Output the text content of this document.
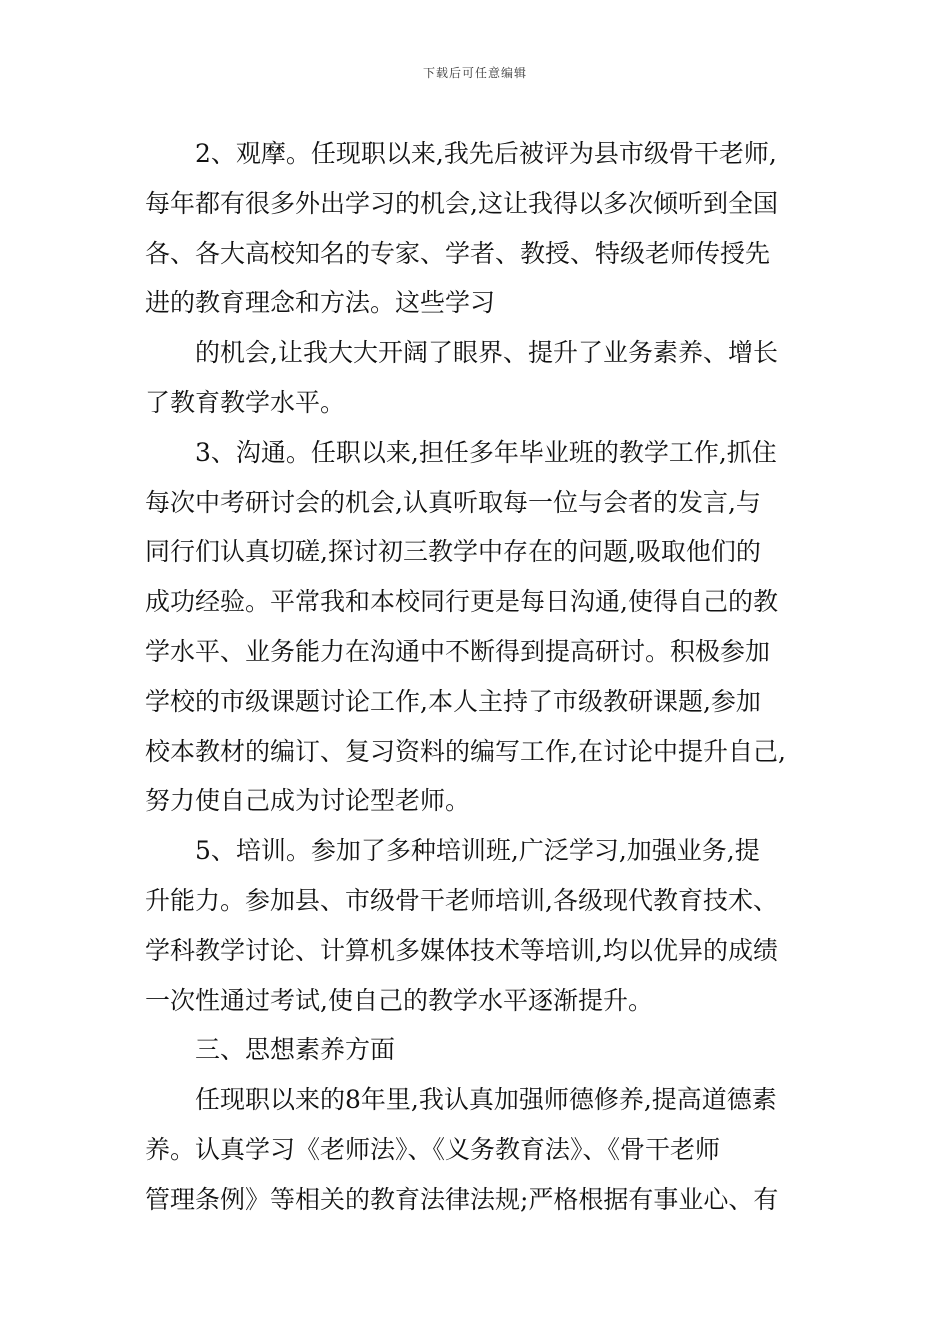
下载后可任意编辑
2、观摩。任现职以来,我先后被评为县市级骨干老师,
每年都有很多外出学习的机会,这让我得以多次倾听到全国
各、各大高校知名的专家、学者、教授、特级老师传授先
进的教育理念和方法。这些学习
的机会,让我大大开阔了眼界、提升了业务素养、增长
了教育教学水平。
3、沟通。任职以来,担任多年毕业班的教学工作,抓住
每次中考研讨会的机会,认真听取每一位与会者的发言,与
同行们认真切磋,探讨初三教学中存在的问题,吸取他们的
成功经验。平常我和本校同行更是每日沟通,使得自己的教
学水平、业务能力在沟通中不断得到提高研讨。积极参加
学校的市级课题讨论工作,本人主持了市级教研课题,参加
校本教材的编订、复习资料的编写工作,在讨论中提升自己,
努力使自己成为讨论型老师。
5、培训。参加了多种培训班,广泛学习,加强业务,提
升能力。参加县、市级骨干老师培训,各级现代教育技术、
学科教学讨论、计算机多媒体技术等培训,均以优异的成绩
一次性通过考试,使自己的教学水平逐渐提升。
三、思想素养方面
任现职以来的8年里,我认真加强师德修养,提高道德素
养。认真学习《老师法》、《义务教育法》、《骨干老师
管理条例》等相关的教育法律法规;严格根据有事业心、有
